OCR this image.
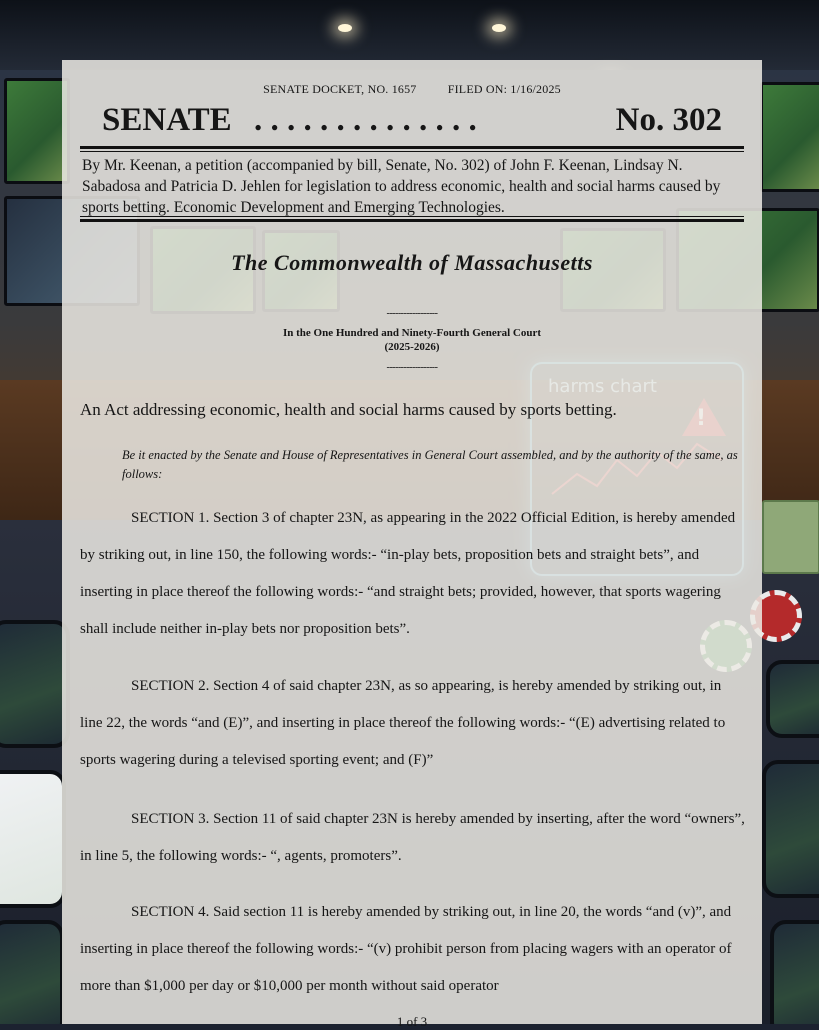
SENATE DOCKET, NO. 1657	FILED ON: 1/16/2025
SENATE . . . . . . . . . . . . . .	No. 302
By Mr. Keenan, a petition (accompanied by bill, Senate, No. 302) of John F. Keenan, Lindsay N. Sabadosa and Patricia D. Jehlen for legislation to address economic, health and social harms caused by sports betting. Economic Development and Emerging Technologies.
The Commonwealth of Massachusetts
------------------
In the One Hundred and Ninety-Fourth General Court
(2025-2026)
------------------
An Act addressing economic, health and social harms caused by sports betting.
Be it enacted by the Senate and House of Representatives in General Court assembled, and by the authority of the same, as follows:
SECTION 1. Section 3 of chapter 23N, as appearing in the 2022 Official Edition, is hereby amended by striking out, in line 150, the following words:- “in-play bets, proposition bets and straight bets”, and inserting in place thereof the following words:- “and straight bets; provided, however, that sports wagering shall include neither in-play bets nor proposition bets”.
SECTION 2. Section 4 of said chapter 23N, as so appearing, is hereby amended by striking out, in line 22, the words “and (E)”, and inserting in place thereof the following words:- “(E) advertising related to sports wagering during a televised sporting event; and (F)”
SECTION 3. Section 11 of said chapter 23N is hereby amended by inserting, after the word “owners”, in line 5, the following words:- “, agents, promoters”.
SECTION 4. Said section 11 is hereby amended by striking out, in line 20, the words “and (v)”, and inserting in place thereof the following words:- “(v) prohibit person from placing wagers with an operator of more than $1,000 per day or $10,000 per month without said operator
1 of 3
